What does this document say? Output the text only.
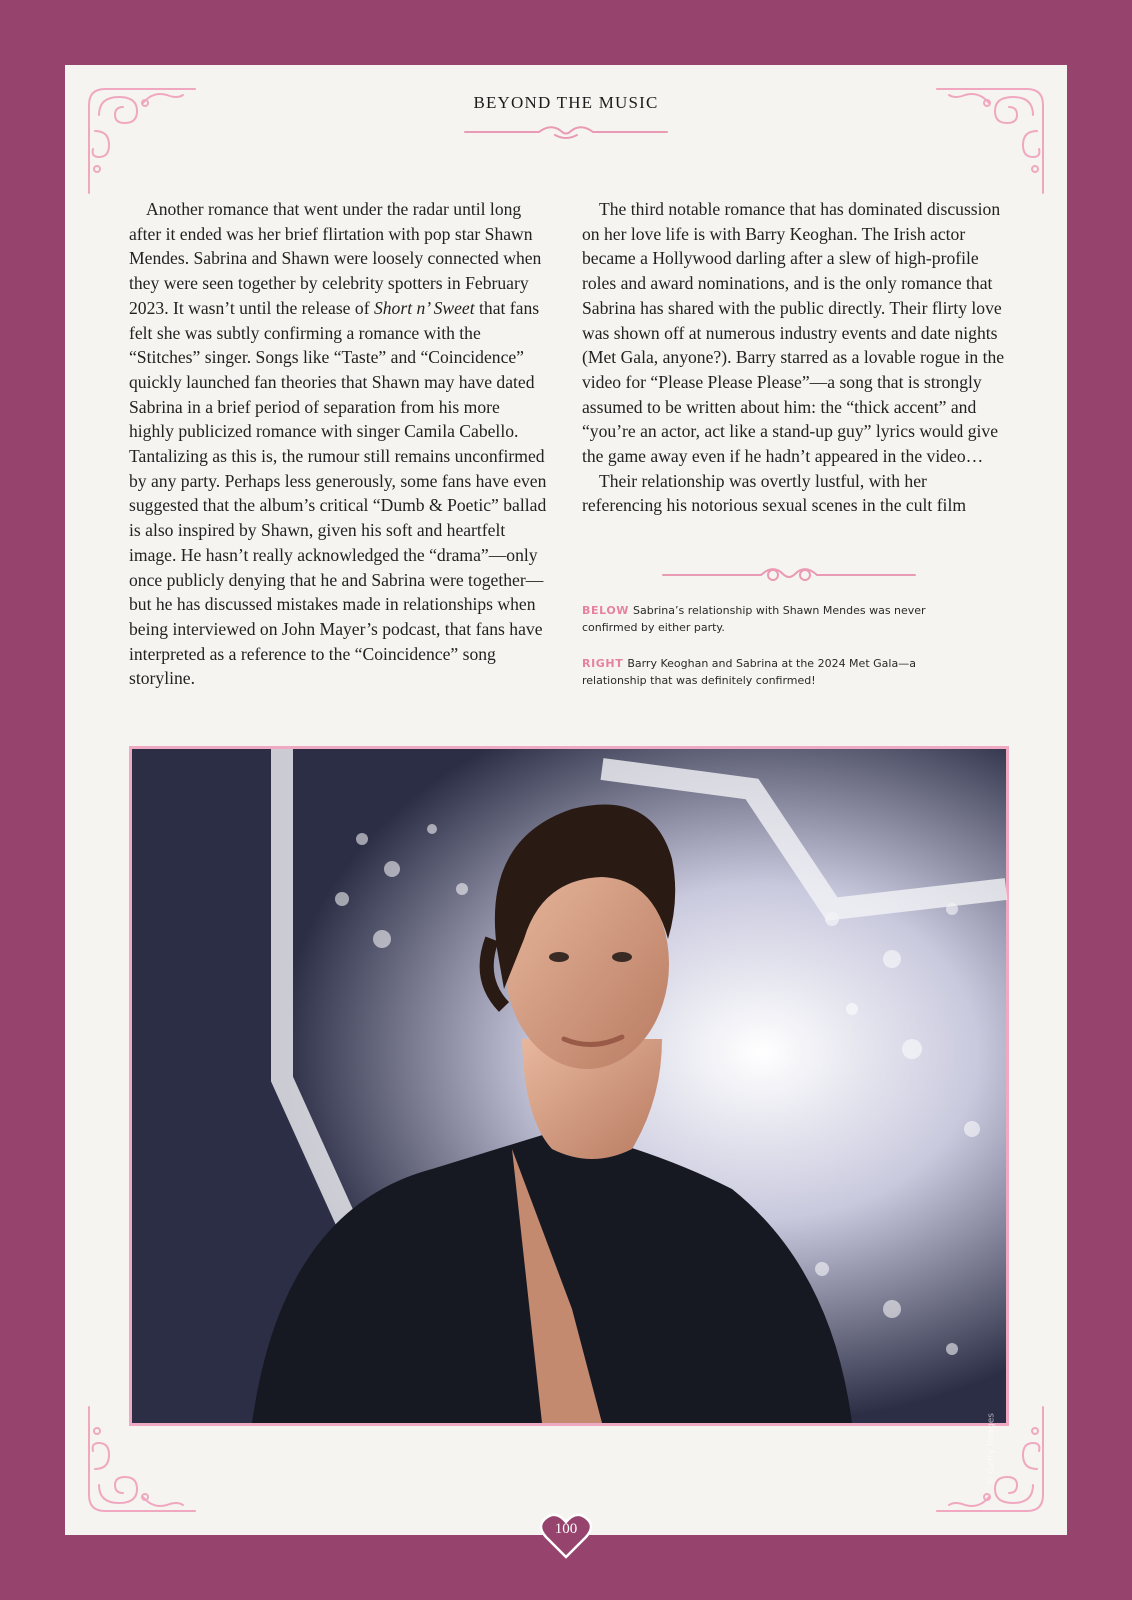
BEYOND THE MUSIC

Another romance that went under the radar until long after it ended was her brief flirtation with pop star Shawn Mendes. Sabrina and Shawn were loosely connected when they were seen together by celebrity spotters in February 2023. It wasn’t until the release of Short n’ Sweet that fans felt she was subtly confirming a romance with the “Stitches” singer. Songs like “Taste” and “Coincidence” quickly launched fan theories that Shawn may have dated Sabrina in a brief period of separation from his more highly publicized romance with singer Camila Cabello. Tantalizing as this is, the rumour still remains unconfirmed by any party. Perhaps less generously, some fans have even suggested that the album’s critical “Dumb & Poetic” ballad is also inspired by Shawn, given his soft and heartfelt image. He hasn’t really acknowledged the “drama”—only once publicly denying that he and Sabrina were together—but he has discussed mistakes made in relationships when being interviewed on John Mayer’s podcast, that fans have interpreted as a reference to the “Coincidence” song storyline.

The third notable romance that has dominated discussion on her love life is with Barry Keoghan. The Irish actor became a Hollywood darling after a slew of high-profile roles and award nominations, and is the only romance that Sabrina has shared with the public directly. Their flirty love was shown off at numerous industry events and date nights (Met Gala, anyone?). Barry starred as a lovable rogue in the video for “Please Please Please”—a song that is strongly assumed to be written about him: the “thick accent” and “you’re an actor, act like a stand-up guy” lyrics would give the game away even if he hadn’t appeared in the video…

Their relationship was overtly lustful, with her referencing his notorious sexual scenes in the cult film

BELOW Sabrina’s relationship with Shawn Mendes was never confirmed by either party.
RIGHT Barry Keoghan and Sabrina at the 2024 Met Gala—a relationship that was definitely confirmed!
© Getty Images
100
